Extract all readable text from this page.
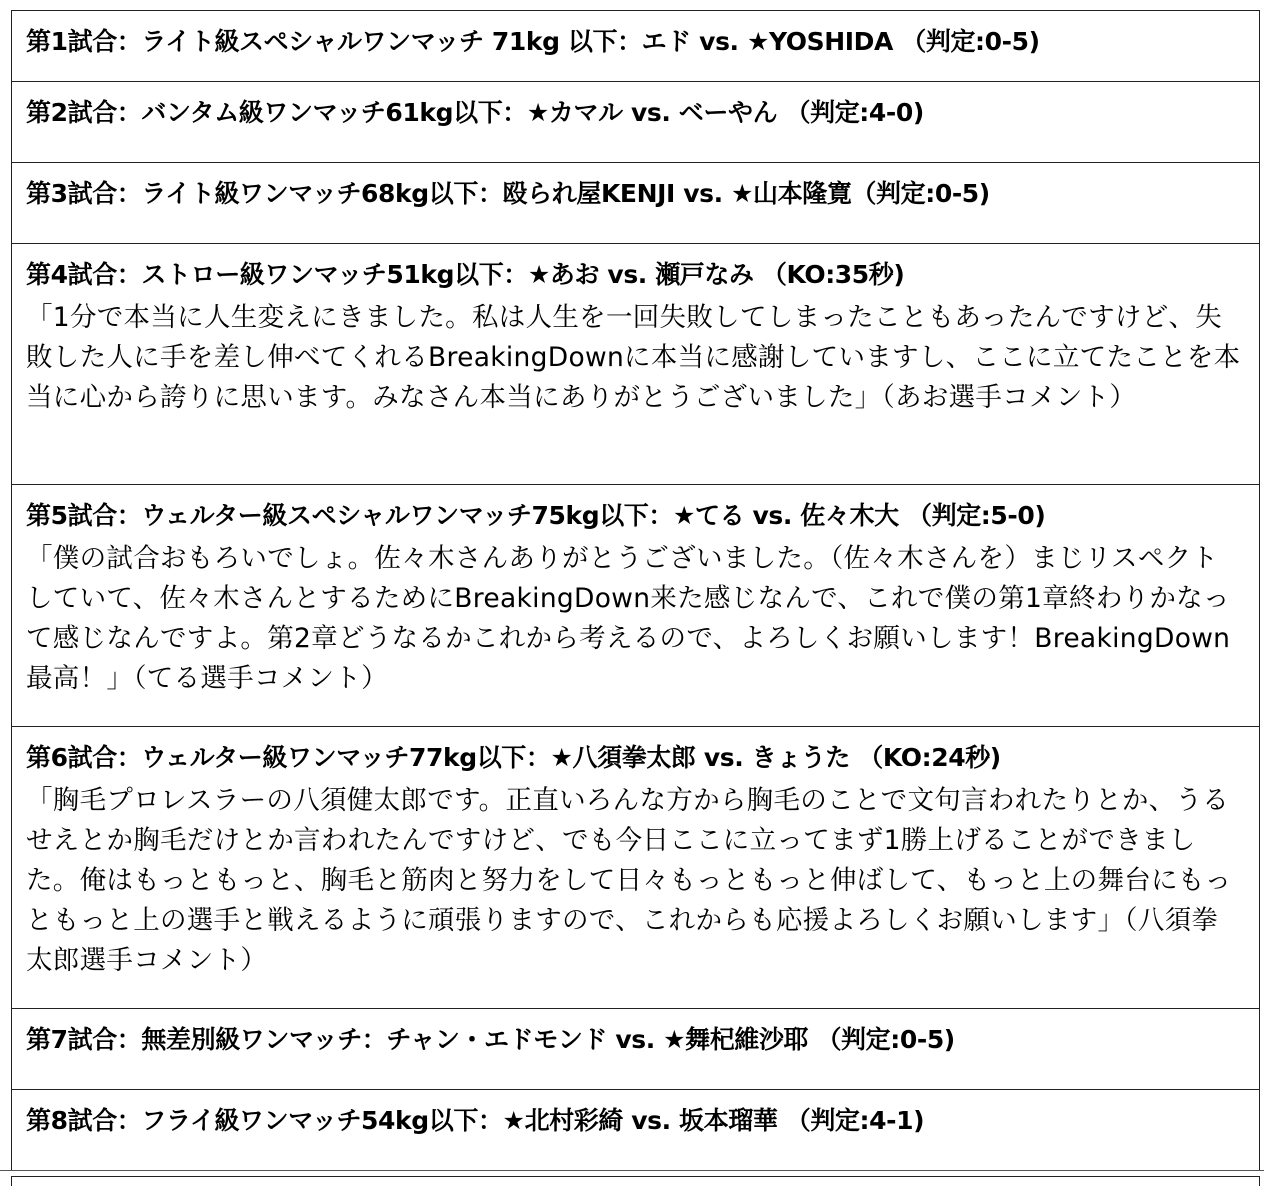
第1試合：ライト級スペシャルワンマッチ 71kg 以下：エド vs. ★YOSHIDA （判定:0-5)
第2試合：バンタム級ワンマッチ61kg以下：★カマル vs. ベーやん （判定:4-0)
第3試合：ライト級ワンマッチ68kg以下：殴られ屋KENJI vs. ★山本隆寛（判定:0-5)
第4試合：ストロー級ワンマッチ51kg以下：★あお vs. 瀬戸なみ （KO:35秒)
「1分で本当に人生変えにきました。私は人生を一回失敗してしまったこともあったんですけど、失敗した人に手を差し伸べてくれるBreakingDownに本当に感謝していますし、ここに立てたことを本当に心から誇りに思います。みなさん本当にありがとうございました」（あお選手コメント）
第5試合：ウェルター級スペシャルワンマッチ75kg以下：★てる vs. 佐々木大 （判定:5-0)
「僕の試合おもろいでしょ。佐々木さんありがとうございました。（佐々木さんを）まじリスペクトしていて、佐々木さんとするためにBreakingDown来た感じなんで、これで僕の第1章終わりかなって感じなんですよ。第2章どうなるかこれから考えるので、よろしくお願いします！BreakingDown最高！」（てる選手コメント）
第6試合：ウェルター級ワンマッチ77kg以下：★八須拳太郎 vs. きょうた （KO:24秒)
「胸毛プロレスラーの八須健太郎です。正直いろんな方から胸毛のことで文句言われたりとか、うるせえとか胸毛だけとか言われたんですけど、でも今日ここに立ってまず1勝上げることができました。俺はもっともっと、胸毛と筋肉と努力をして日々もっともっと伸ばして、もっと上の舞台にもっともっと上の選手と戦えるように頑張りますので、これからも応援よろしくお願いします」（八須拳太郎選手コメント）
第7試合：無差別級ワンマッチ：チャン・エドモンド vs. ★舞杞維沙耶 （判定:0-5)
第8試合：フライ級ワンマッチ54kg以下：★北村彩綺 vs. 坂本瑠華 （判定:4-1)
